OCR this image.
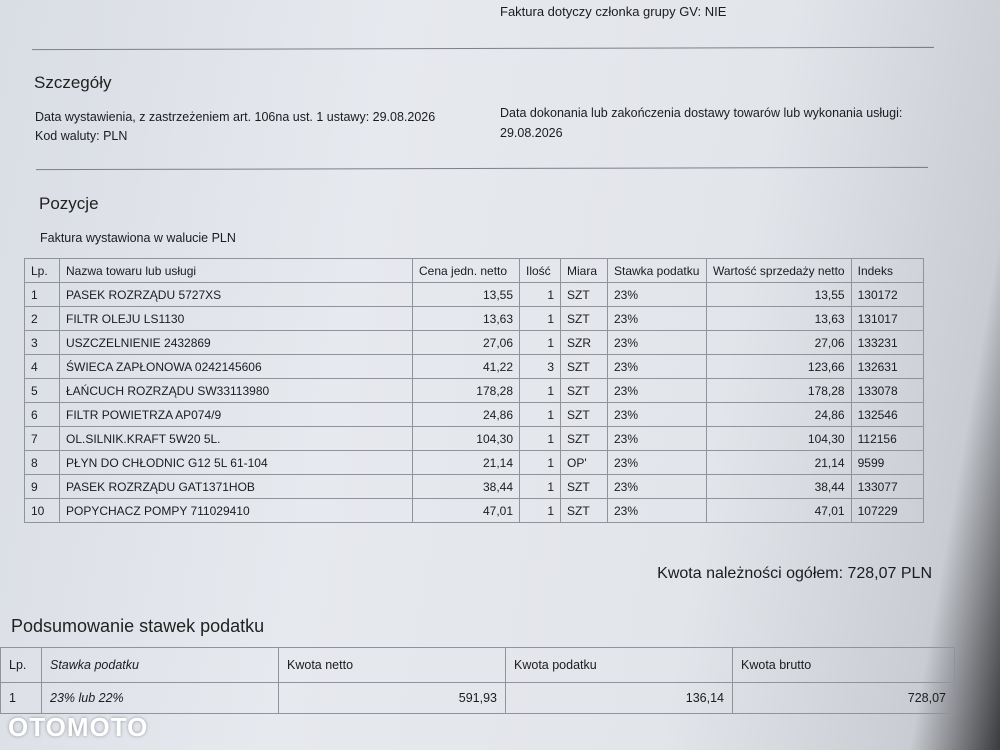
Faktura dotyczy członka grupy GV: NIE
Szczegóły
Data wystawienia, z zastrzeżeniem art. 106na ust. 1 ustawy: 29.08.2026
Kod waluty: PLN
Data dokonania lub zakończenia dostawy towarów lub wykonania usługi:
29.08.2026
Pozycje
Faktura wystawiona w walucie PLN
Lp.	Nazwa towaru lub usługi	Cena jedn. netto	Ilość	Miara	Stawka podatku	Wartość sprzedaży netto	Indeks
1	PASEK ROZRZĄDU 5727XS	13,55	1	SZT	23%	13,55	130172
2	FILTR OLEJU LS1130	13,63	1	SZT	23%	13,63	131017
3	USZCZELNIENIE 2432869	27,06	1	SZR	23%	27,06	133231
4	ŚWIECA ZAPŁONOWA 0242145606	41,22	3	SZT	23%	123,66	132631
5	ŁAŃCUCH ROZRZĄDU SW33113980	178,28	1	SZT	23%	178,28	133078
6	FILTR POWIETRZA AP074/9	24,86	1	SZT	23%	24,86	132546
7	OL.SILNIK.KRAFT 5W20 5L.	104,30	1	SZT	23%	104,30	112156
8	PŁYN DO CHŁODNIC G12 5L 61-104	21,14	1	OP'	23%	21,14	9599
9	PASEK ROZRZĄDU GAT1371HOB	38,44	1	SZT	23%	38,44	133077
10	POPYCHACZ POMPY 711029410	47,01	1	SZT	23%	47,01	107229
Kwota należności ogółem: 728,07 PLN
Podsumowanie stawek podatku
Lp.	Stawka podatku	Kwota netto	Kwota podatku	Kwota brutto
1	23% lub 22%	591,93	136,14	728,07
OTOMOTO
